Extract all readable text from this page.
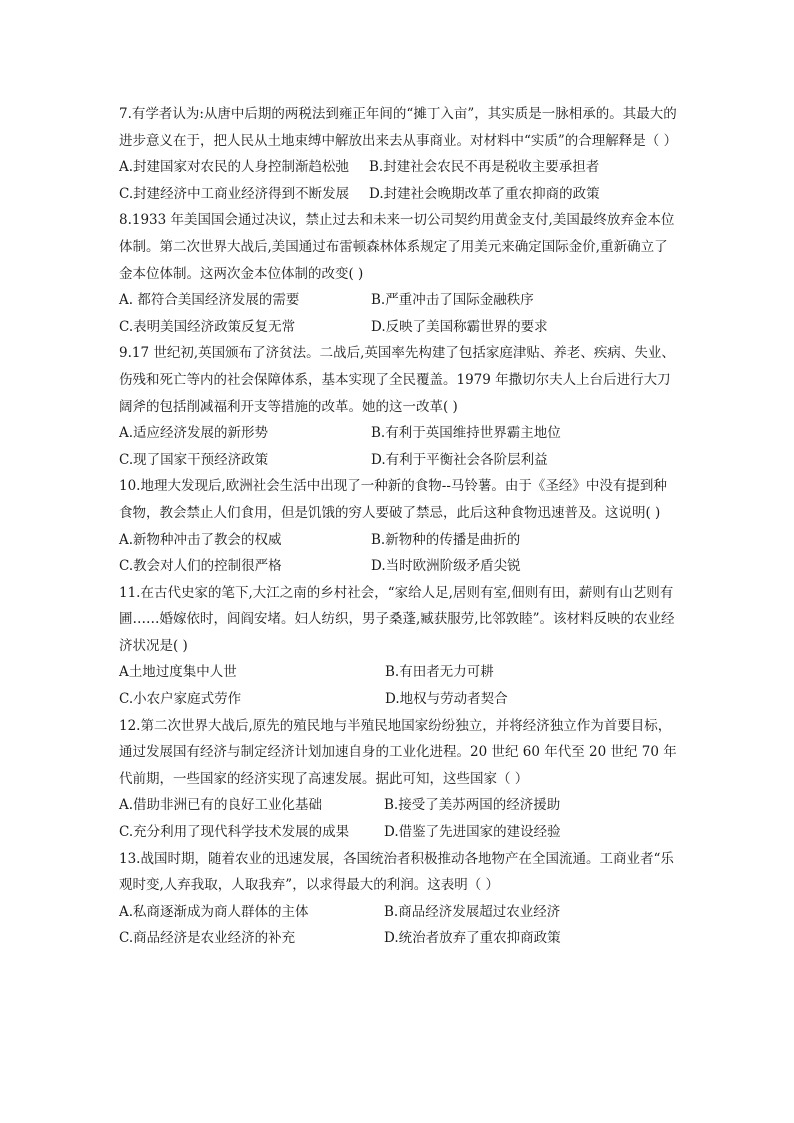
7.有学者认为:从唐中后期的两税法到雍正年间的“摊丁入亩”，其实质是一脉相承的。其最大的进步意义在于，把人民从土地束缚中解放出来去从事商业。对材料中“实质”的合理解释是（ ）

A.封建国家对农民的人身控制渐趋松弛	B.封建社会农民不再是税收主要承担者
C.封建经济中工商业经济得到不断发展	D.封建社会晚期改革了重农抑商的政策

8.1933 年美国国会通过决议，禁止过去和未来一切公司契约用黄金支付,美国最终放弃金本位体制。第二次世界大战后,美国通过布雷顿森林体系规定了用美元来确定国际金价,重新确立了金本位体制。这两次金本位体制的改变( )

A. 都符合美国经济发展的需要	B.严重冲击了国际金融秩序
C.表明美国经济政策反复无常	D.反映了美国称霸世界的要求

9.17 世纪初,英国颁布了济贫法。二战后,英国率先构建了包括家庭津贴、养老、疾病、失业、伤残和死亡等内的社会保障体系，基本实现了全民覆盖。1979 年撒切尔夫人上台后进行大刀阔斧的包括削减福利开支等措施的改革。她的这一改革( )

A.适应经济发展的新形势	B.有利于英国维持世界霸主地位
C.现了国家干预经济政策	D.有利于平衡社会各阶层利益

10.地理大发现后,欧洲社会生活中出现了一种新的食物--马铃薯。由于《圣经》中没有提到种食物，教会禁止人们食用，但是饥饿的穷人要破了禁忌，此后这种食物迅速普及。这说明( )

A.新物种冲击了教会的权威	B.新物种的传播是曲折的
C.教会对人们的控制很严格	D.当时欧洲阶级矛盾尖锐

11.在古代史家的笔下,大江之南的乡村社会，“家给人足,居则有室,佃则有田，薪则有山艺则有圃……婚嫁依时，闾阎安堵。妇人纺织，男子桑蓬,臧获服劳,比邻敦睦”。该材料反映的农业经济状况是( )

A土地过度集中人世	B.有田者无力可耕
C.小农户家庭式劳作	D.地权与劳动者契合

12.第二次世界大战后,原先的殖民地与半殖民地国家纷纷独立，并将经济独立作为首要目标，通过发展国有经济与制定经济计划加速自身的工业化进程。20 世纪 60 年代至 20 世纪 70 年代前期，一些国家的经济实现了高速发展。据此可知，这些国家（ ）

A.借助非洲已有的良好工业化基础	B.接受了美苏两国的经济援助
C.充分利用了现代科学技术发展的成果	D.借鉴了先进国家的建设经验

13.战国时期，随着农业的迅速发展，各国统治者积极推动各地物产在全国流通。工商业者“乐观时变,人弃我取，人取我弃”，以求得最大的利润。这表明（ ）

A.私商逐渐成为商人群体的主体	B.商品经济发展超过农业经济
C.商品经济是农业经济的补充	D.统治者放弃了重农抑商政策
